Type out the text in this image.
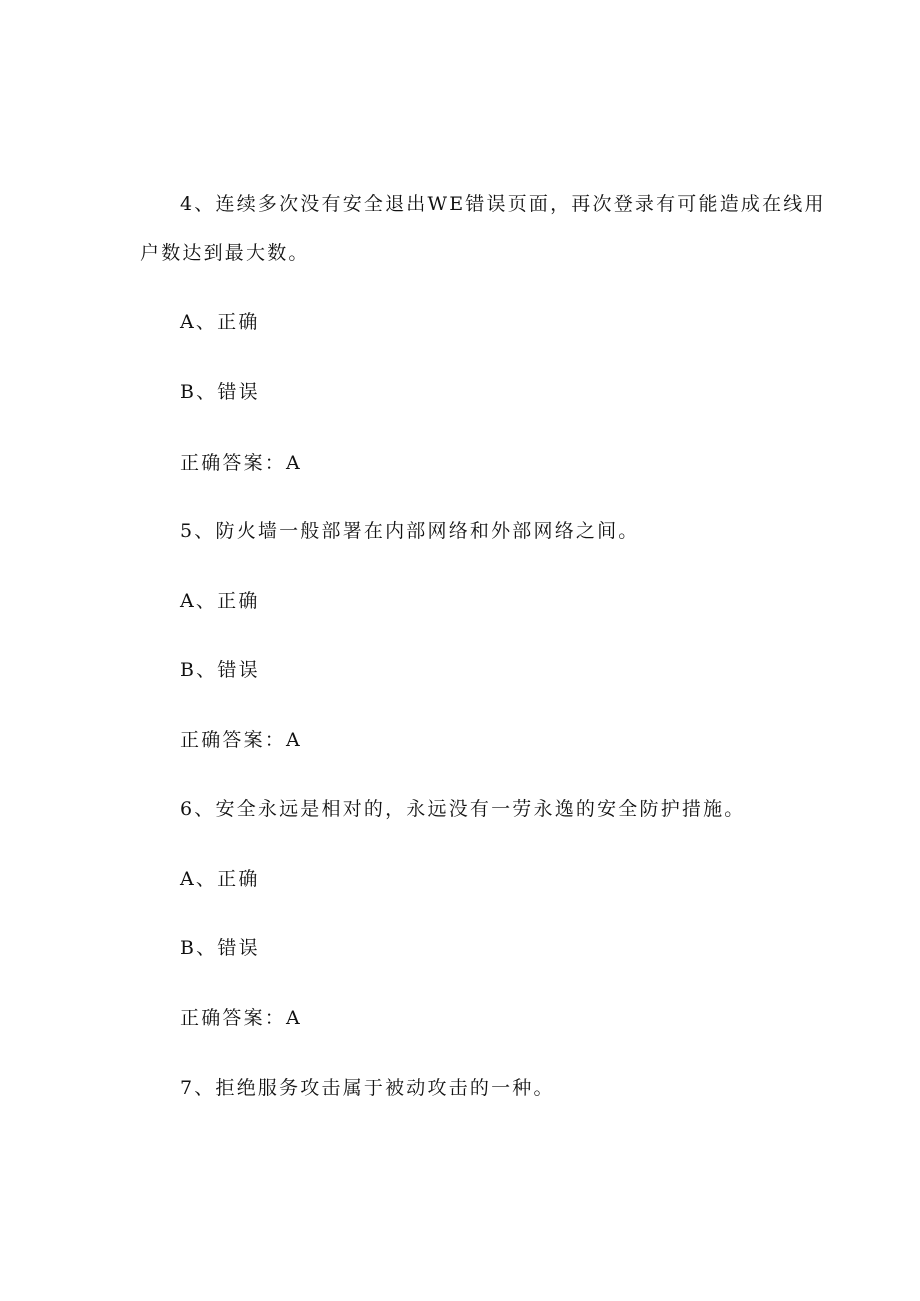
4、连续多次没有安全退出WE错误页面，再次登录有可能造成在线用
户数达到最大数。
A、正确
B、错误
正确答案：A
5、防火墙一般部署在内部网络和外部网络之间。
A、正确
B、错误
正确答案：A
6、安全永远是相对的，永远没有一劳永逸的安全防护措施。
A、正确
B、错误
正确答案：A
7、拒绝服务攻击属于被动攻击的一种。
